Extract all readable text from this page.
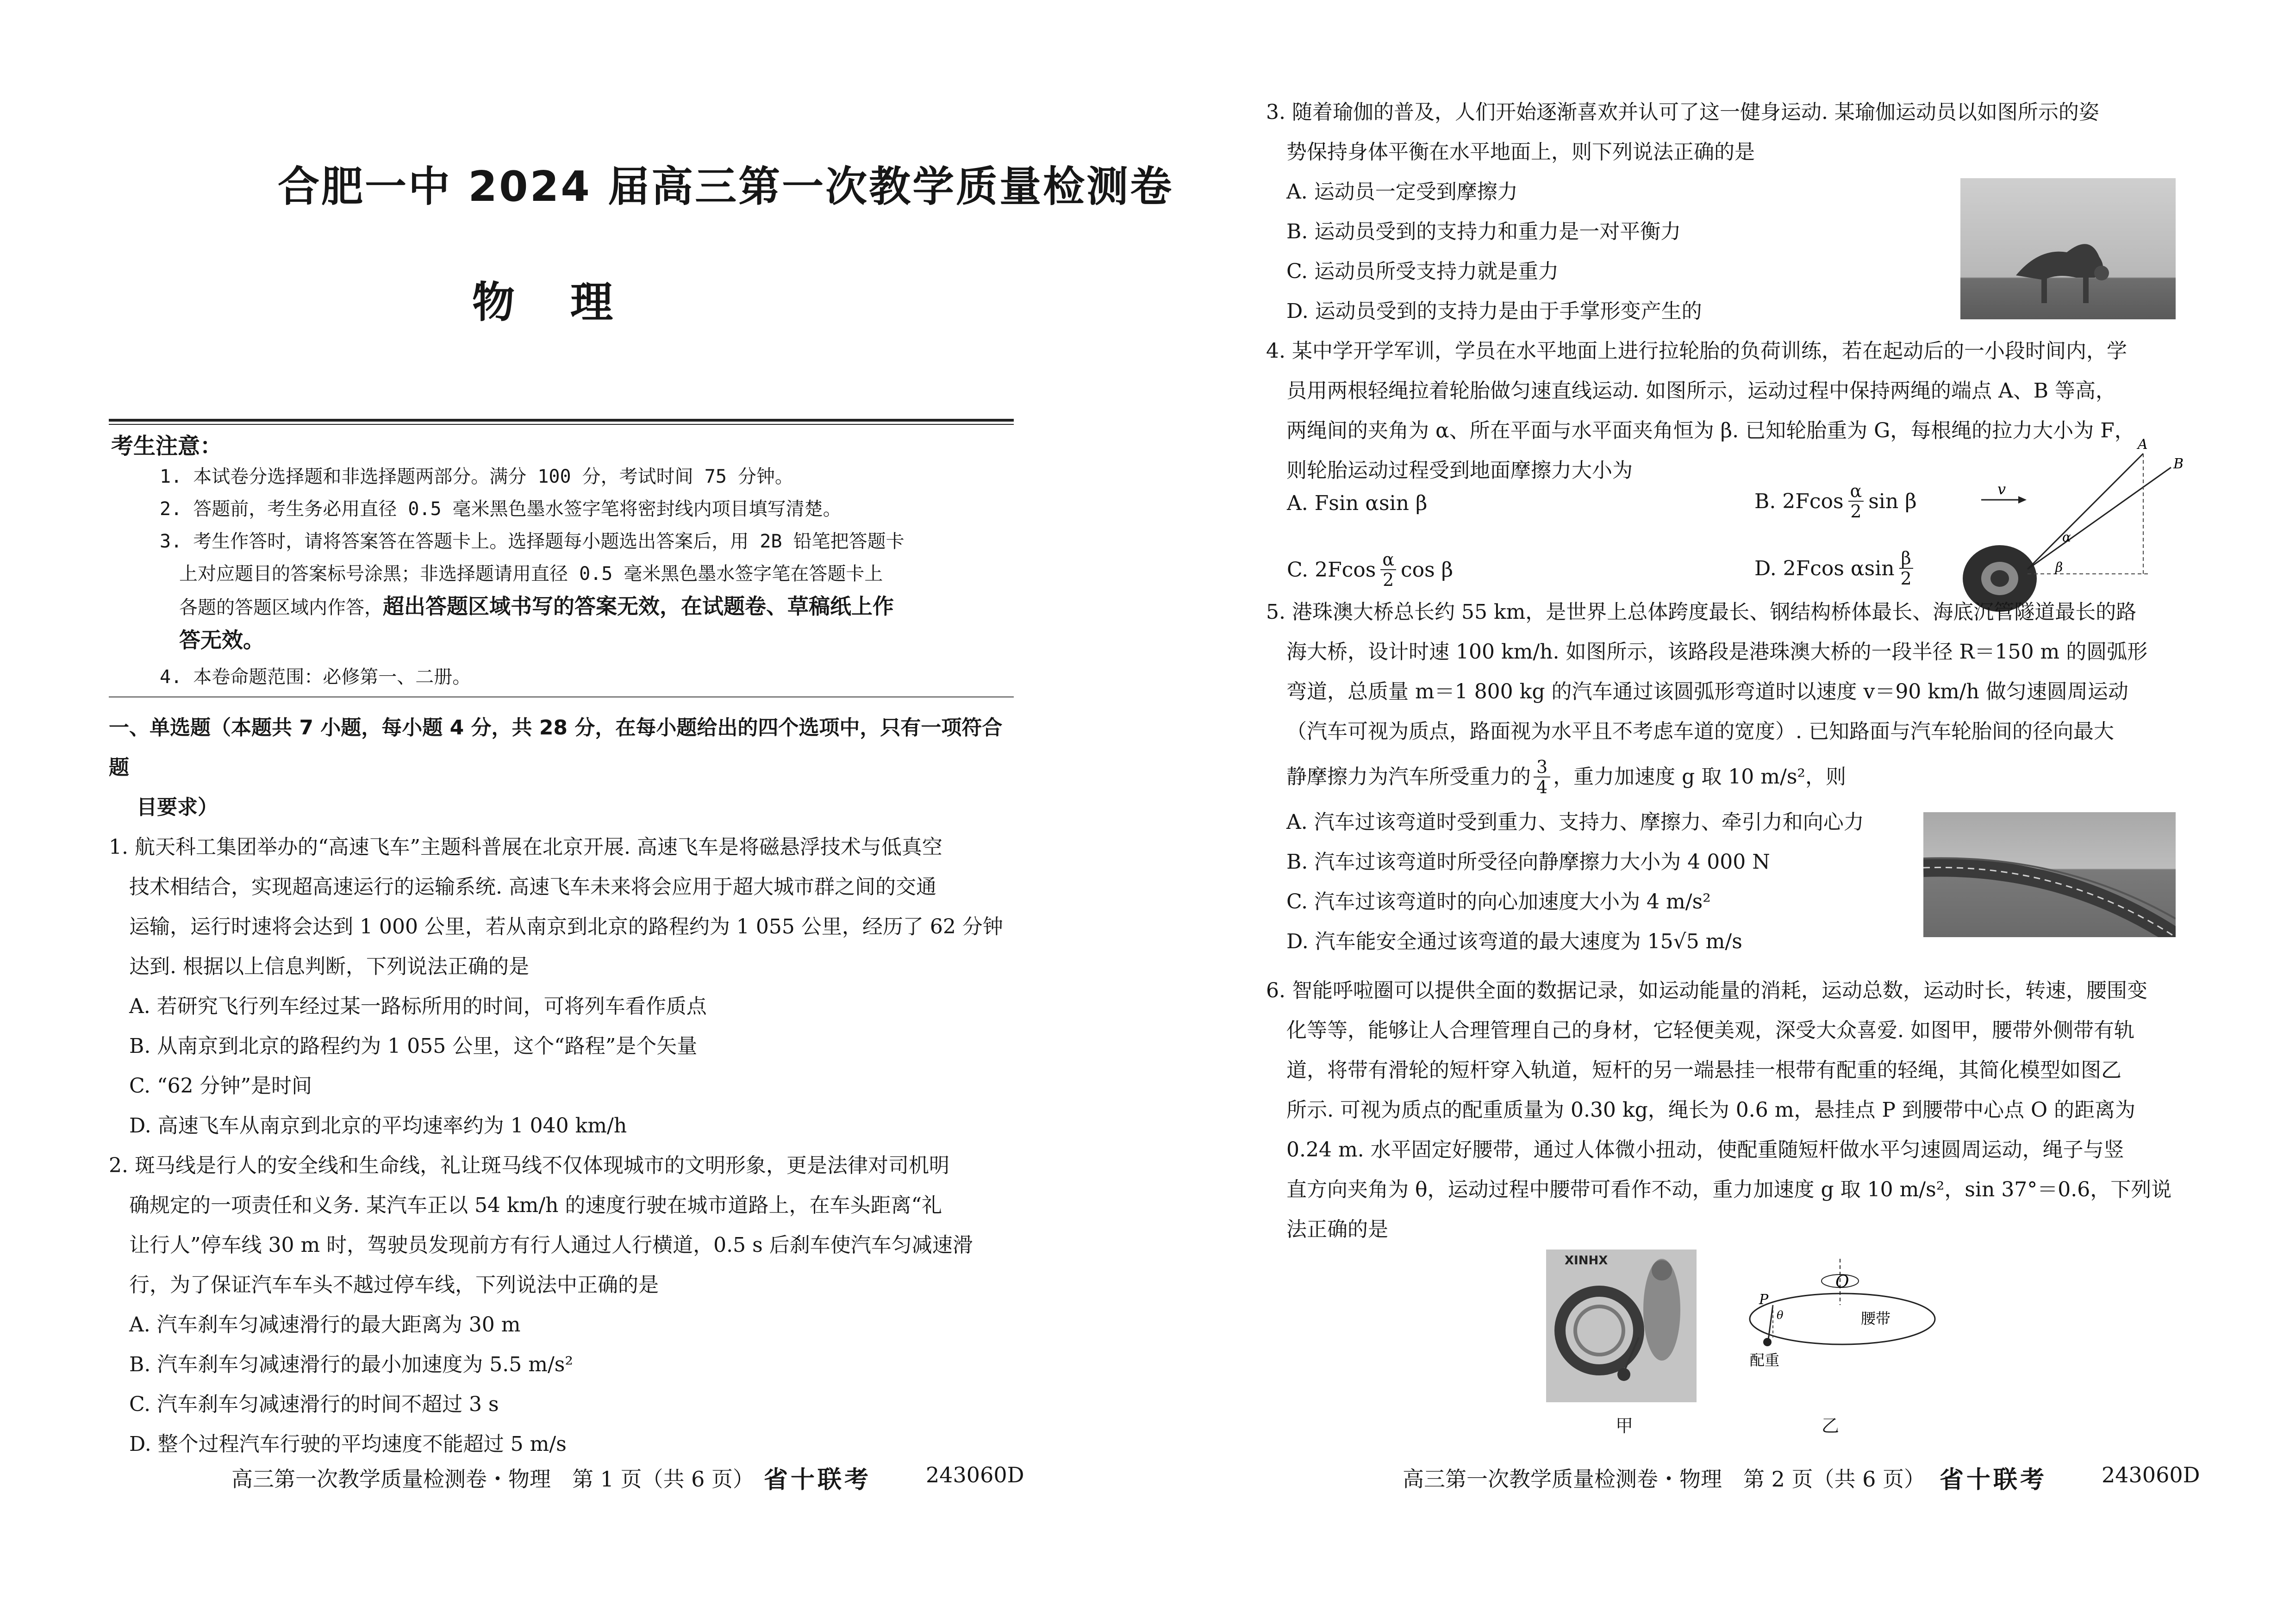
合肥一中 2024 届高三第一次教学质量检测卷
物理
考生注意：
1. 本试卷分选择题和非选择题两部分。满分 100 分，考试时间 75 分钟。
2. 答题前，考生务必用直径 0.5 毫米黑色墨水签字笔将密封线内项目填写清楚。
3. 考生作答时，请将答案答在答题卡上。选择题每小题选出答案后，用 2B 铅笔把答题卡
上对应题目的答案标号涂黑；非选择题请用直径 0.5 毫米黑色墨水签字笔在答题卡上
各题的答题区域内作答，超出答题区域书写的答案无效，在试题卷、草稿纸上作
答无效。
4. 本卷命题范围：必修第一、二册。

一、单选题（本题共 7 小题，每小题 4 分，共 28 分，在每小题给出的四个选项中，只有一项符合题

目要求）

1. 航天科工集团举办的“高速飞车”主题科普展在北京开展. 高速飞车是将磁悬浮技术与低真空

技术相结合，实现超高速运行的运输系统. 高速飞车未来将会应用于超大城市群之间的交通

运输，运行时速将会达到 1 000 公里，若从南京到北京的路程约为 1 055 公里，经历了 62 分钟

达到. 根据以上信息判断，下列说法正确的是

A. 若研究飞行列车经过某一路标所用的时间，可将列车看作质点

B. 从南京到北京的路程约为 1 055 公里，这个“路程”是个矢量

C. “62 分钟”是时间

D. 高速飞车从南京到北京的平均速率约为 1 040 km/h

2. 斑马线是行人的安全线和生命线，礼让斑马线不仅体现城市的文明形象，更是法律对司机明

确规定的一项责任和义务. 某汽车正以 54 km/h 的速度行驶在城市道路上，在车头距离“礼

让行人”停车线 30 m 时，驾驶员发现前方有行人通过人行横道，0.5 s 后刹车使汽车匀减速滑

行，为了保证汽车车头不越过停车线，下列说法中正确的是

A. 汽车刹车匀减速滑行的最大距离为 30 m

B. 汽车刹车匀减速滑行的最小加速度为 5.5 m/s²

C. 汽车刹车匀减速滑行的时间不超过 3 s

D. 整个过程汽车行驶的平均速度不能超过 5 m/s

高三第一次教学质量检测卷・物理　第 1 页（共 6 页） 省十联考	243060D

3. 随着瑜伽的普及，人们开始逐渐喜欢并认可了这一健身运动. 某瑜伽运动员以如图所示的姿

势保持身体平衡在水平地面上，则下列说法正确的是

A. 运动员一定受到摩擦力

B. 运动员受到的支持力和重力是一对平衡力

C. 运动员所受支持力就是重力

D. 运动员受到的支持力是由于手掌形变产生的

4. 某中学开学军训，学员在水平地面上进行拉轮胎的负荷训练，若在起动后的一小段时间内，学

员用两根轻绳拉着轮胎做匀速直线运动. 如图所示，运动过程中保持两绳的端点 A、B 等高，

两绳间的夹角为 α、所在平面与水平面夹角恒为 β. 已知轮胎重为 G，每根绳的拉力大小为 F，

则轮胎运动过程受到地面摩擦力大小为

A. Fsin αsin β	B. $2Fcos \frac{\alpha}{2}$ sin β
C. $2Fcos \frac{\alpha}{2}$ cos β	D. 2Fcos αsin $\frac{\beta}{2}$
v
A
B
α
β

5. 港珠澳大桥总长约 55 km，是世界上总体跨度最长、钢结构桥体最长、海底沉管隧道最长的路

海大桥，设计时速 100 km/h. 如图所示，该路段是港珠澳大桥的一段半径 R＝150 m 的圆弧形

弯道，总质量 m＝1 800 kg 的汽车通过该圆弧形弯道时以速度 v＝90 km/h 做匀速圆周运动

（汽车可视为质点，路面视为水平且不考虑车道的宽度）. 已知路面与汽车轮胎间的径向最大

静摩擦力为汽车所受重力的 $\frac{3}{4}$ ，重力加速度 g 取 10 m/s²，则

A. 汽车过该弯道时受到重力、支持力、摩擦力、牵引力和向心力

B. 汽车过该弯道时所受径向静摩擦力大小为 4 000 N

C. 汽车过该弯道时的向心加速度大小为 4 m/s²

D. 汽车能安全通过该弯道的最大速度为 15√5 m/s

6. 智能呼啦圈可以提供全面的数据记录，如运动能量的消耗，运动总数，运动时长，转速，腰围变

化等等，能够让人合理管理自己的身材，它轻便美观，深受大众喜爱. 如图甲，腰带外侧带有轨

道，将带有滑轮的短杆穿入轨道，短杆的另一端悬挂一根带有配重的轻绳，其简化模型如图乙

所示. 可视为质点的配重质量为 0.30 kg，绳长为 0.6 m，悬挂点 P 到腰带中心点 O 的距离为

0.24 m. 水平固定好腰带，通过人体微小扭动，使配重随短杆做水平匀速圆周运动，绳子与竖

直方向夹角为 θ，运动过程中腰带可看作不动，重力加速度 g 取 10 m/s²，sin 37°＝0.6，下列说

法正确的是

XINHX
甲
O
P
θ	腰带
配重
乙
高三第一次教学质量检测卷・物理　第 2 页（共 6 页） 省十联考	243060D
